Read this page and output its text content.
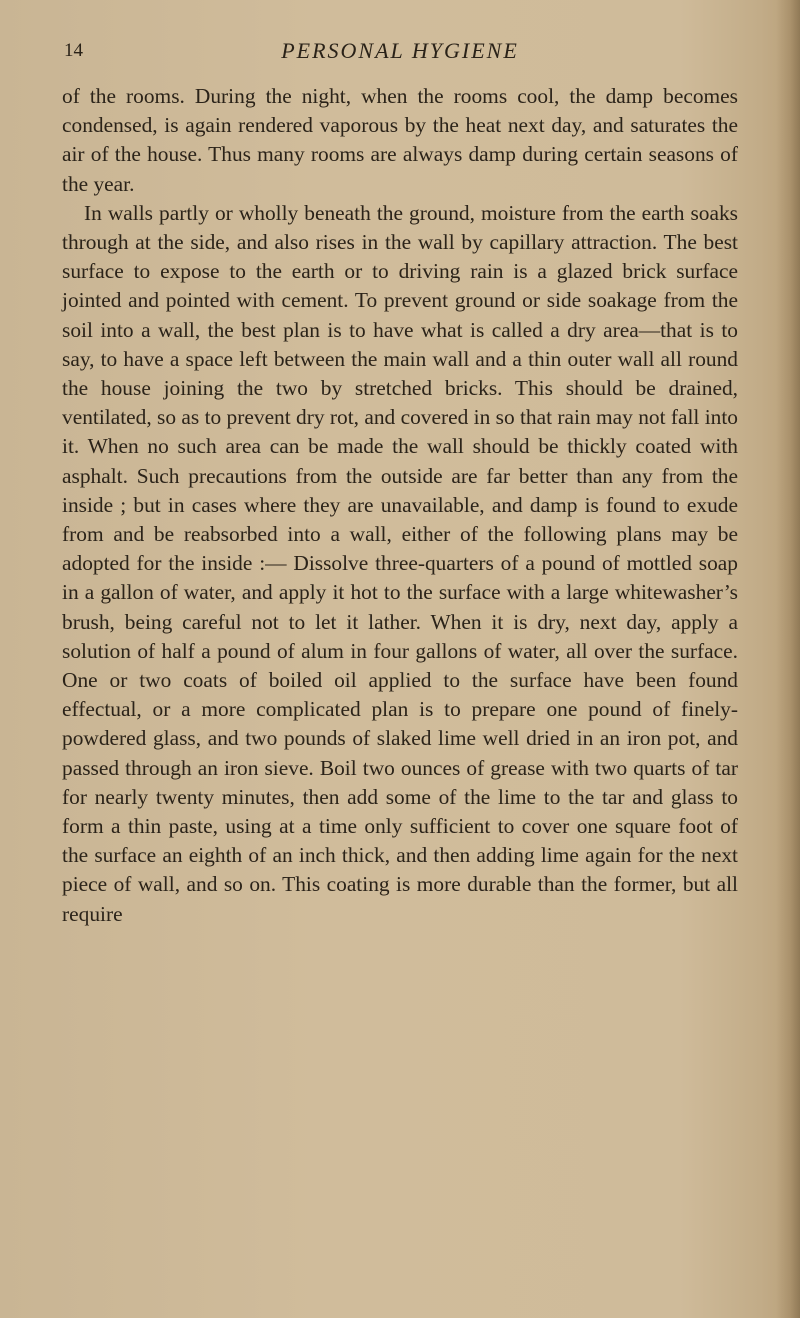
14	PERSONAL HYGIENE

of the rooms. During the night, when the rooms cool, the damp becomes condensed, is again rendered vaporous by the heat next day, and saturates the air of the house. Thus many rooms are always damp during certain seasons of the year.

In walls partly or wholly beneath the ground, moisture from the earth soaks through at the side, and also rises in the wall by capillary attraction. The best surface to expose to the earth or to driving rain is a glazed brick surface jointed and pointed with cement. To prevent ground or side soakage from the soil into a wall, the best plan is to have what is called a dry area—that is to say, to have a space left between the main wall and a thin outer wall all round the house joining the two by stretched bricks. This should be drained, ventilated, so as to prevent dry rot, and covered in so that rain may not fall into it. When no such area can be made the wall should be thickly coated with asphalt. Such precautions from the outside are far better than any from the inside ; but in cases where they are unavailable, and damp is found to exude from and be reabsorbed into a wall, either of the following plans may be adopted for the inside :— Dissolve three-quarters of a pound of mottled soap in a gallon of water, and apply it hot to the surface with a large whitewasher’s brush, being careful not to let it lather. When it is dry, next day, apply a solution of half a pound of alum in four gallons of water, all over the surface. One or two coats of boiled oil applied to the surface have been found effectual, or a more complicated plan is to prepare one pound of finely-powdered glass, and two pounds of slaked lime well dried in an iron pot, and passed through an iron sieve. Boil two ounces of grease with two quarts of tar for nearly twenty minutes, then add some of the lime to the tar and glass to form a thin paste, using at a time only sufficient to cover one square foot of the surface an eighth of an inch thick, and then adding lime again for the next piece of wall, and so on. This coating is more durable than the former, but all require
